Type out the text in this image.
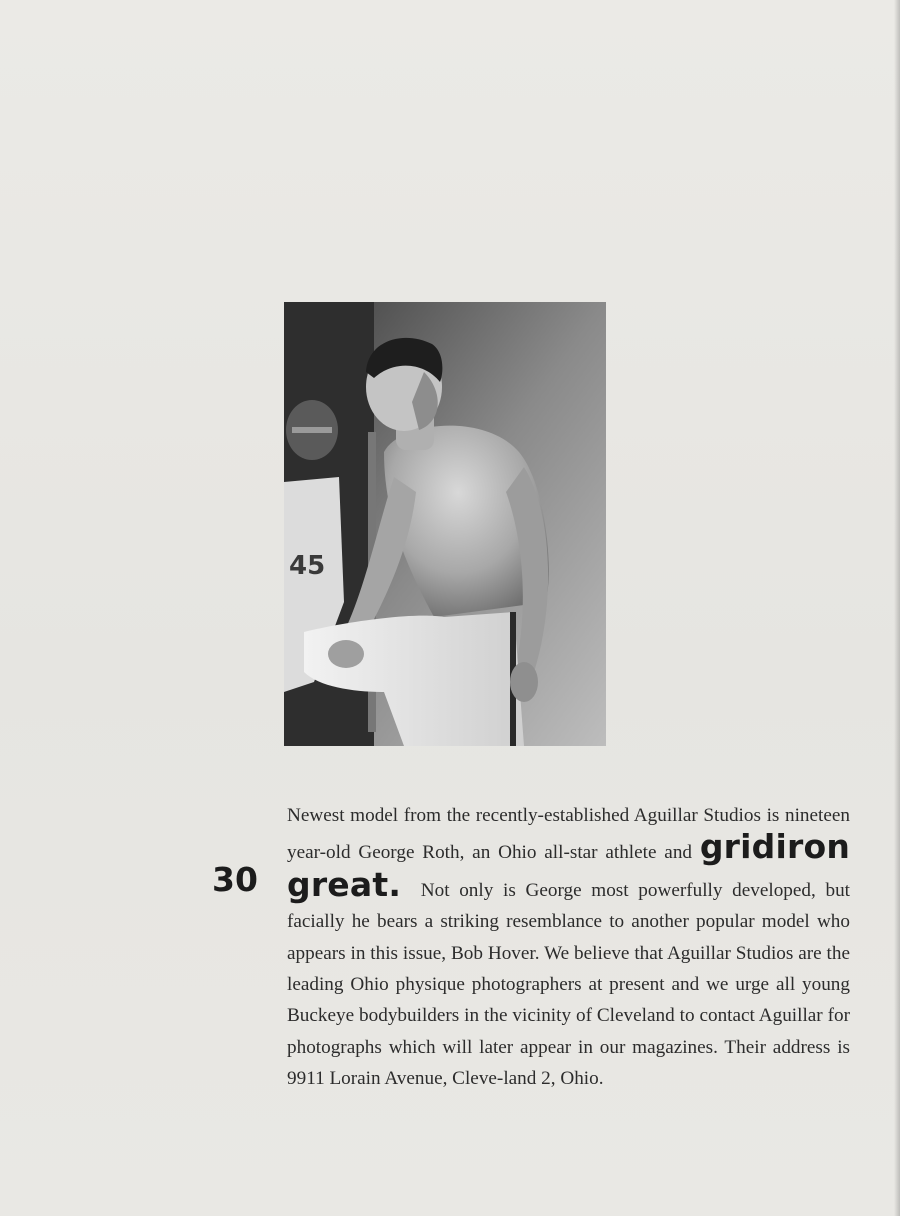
45
30

Newest model from the recently-established Aguillar Studios is nineteen year-old George Roth, an Ohio all-star athlete and gridiron great. Not only is George most powerfully developed, but facially he bears a striking resemblance to another popular model who appears in this issue, Bob Hover. We believe that Aguillar Studios are the leading Ohio physique photographers at present and we urge all young Buckeye bodybuilders in the vicinity of Cleveland to contact Aguillar for photographs which will later appear in our magazines. Their address is 9911 Lorain Avenue, Cleve-land 2, Ohio.
